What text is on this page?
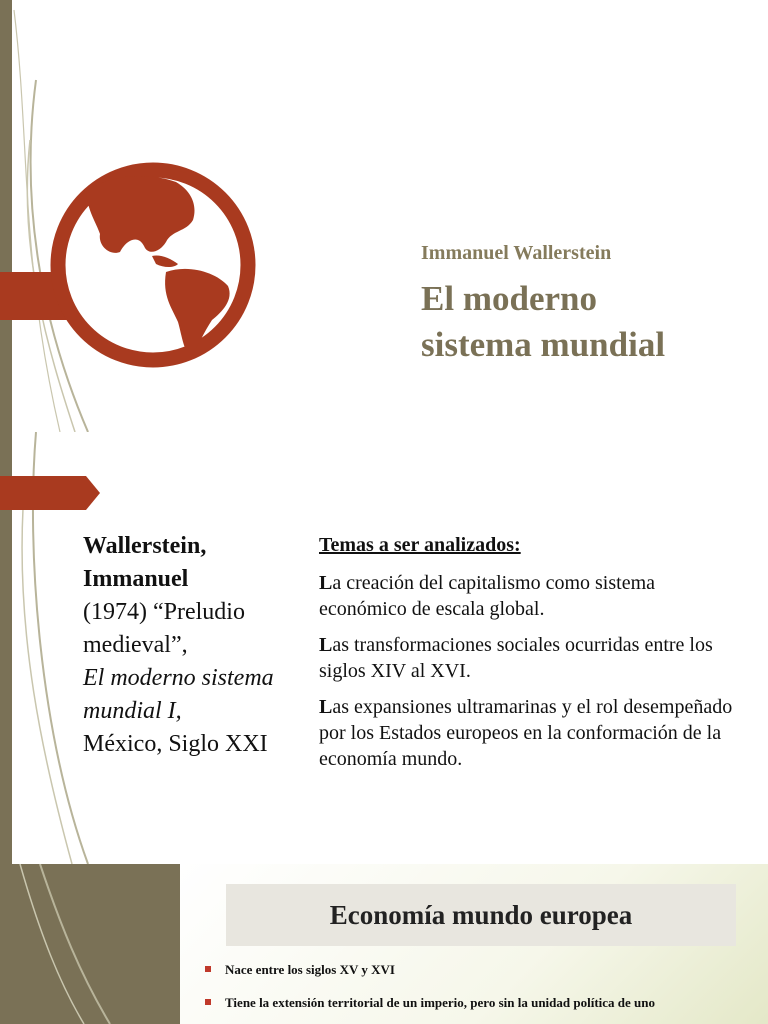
Immanuel Wallerstein
El moderno
sistema mundial
Wallerstein,
Immanuel
(1974) “Preludio medieval”,
El moderno sistema mundial I,
México, Siglo XXI
Temas a ser analizados:

La creación del capitalismo como sistema económico de escala global.

Las transformaciones sociales ocurridas entre los siglos XIV al XVI.

Las expansiones ultramarinas y el rol desempeñado por los Estados europeos en la conformación de la economía mundo.

Economía mundo europea
Nace entre los siglos XV y XVI
Tiene la extensión territorial de un imperio, pero sin la unidad política de uno
